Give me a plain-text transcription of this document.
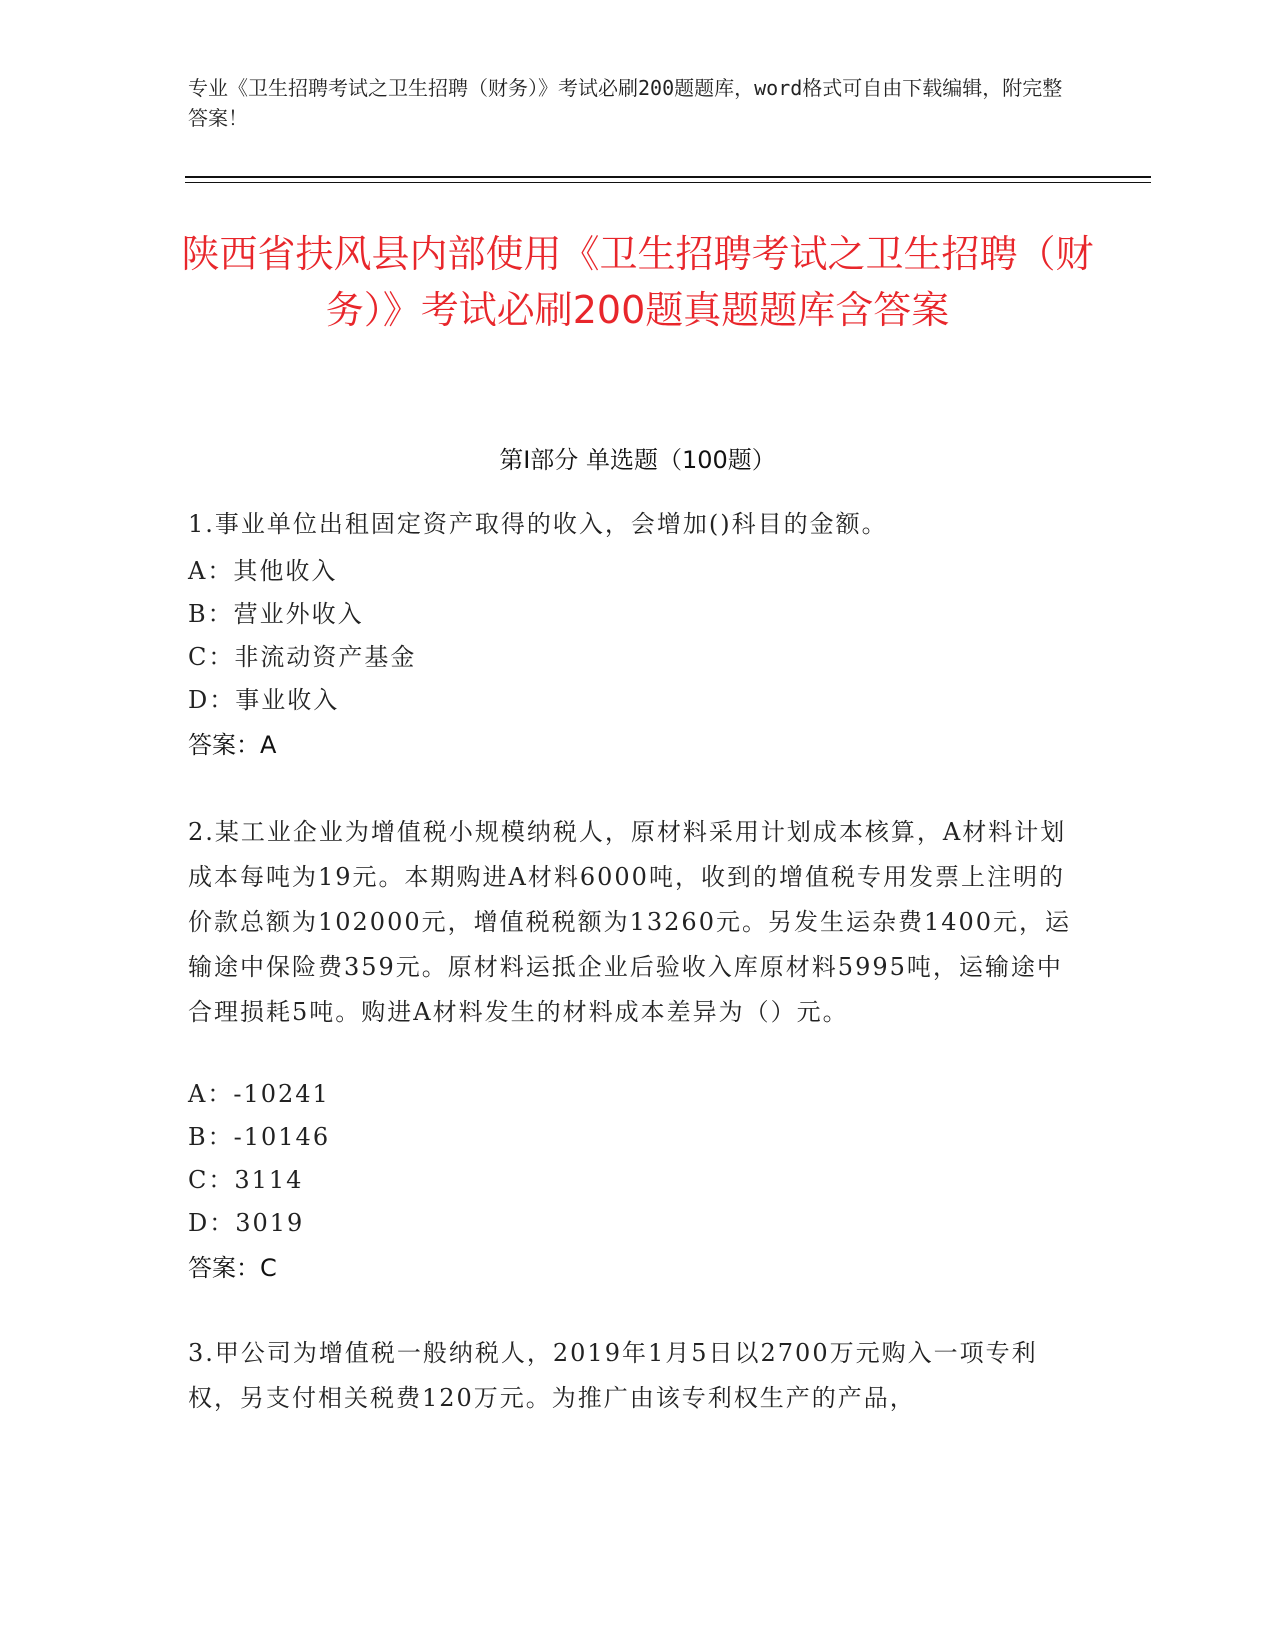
专业《卫生招聘考试之卫生招聘（财务）》考试必刷200题题库，word格式可自由下载编辑，附完整答案！
陕西省扶风县内部使用《卫生招聘考试之卫生招聘（财务）》考试必刷200题真题题库含答案
第Ⅰ部分 单选题（100题）
1.事业单位出租固定资产取得的收入，会增加()科目的金额。
A：其他收入
B：营业外收入
C：非流动资产基金
D：事业收入
答案：A
2.某工业企业为增值税小规模纳税人，原材料采用计划成本核算，A材料计划成本每吨为19元。本期购进A材料6000吨，收到的增值税专用发票上注明的价款总额为102000元，增值税税额为13260元。另发生运杂费1400元，运输途中保险费359元。原材料运抵企业后验收入库原材料5995吨，运输途中合理损耗5吨。购进A材料发生的材料成本差异为（）元。
A：-10241
B：-10146
C：3114
D：3019
答案：C
3.甲公司为增值税一般纳税人，2019年1月5日以2700万元购入一项专利权，另支付相关税费120万元。为推广由该专利权生产的产品，
